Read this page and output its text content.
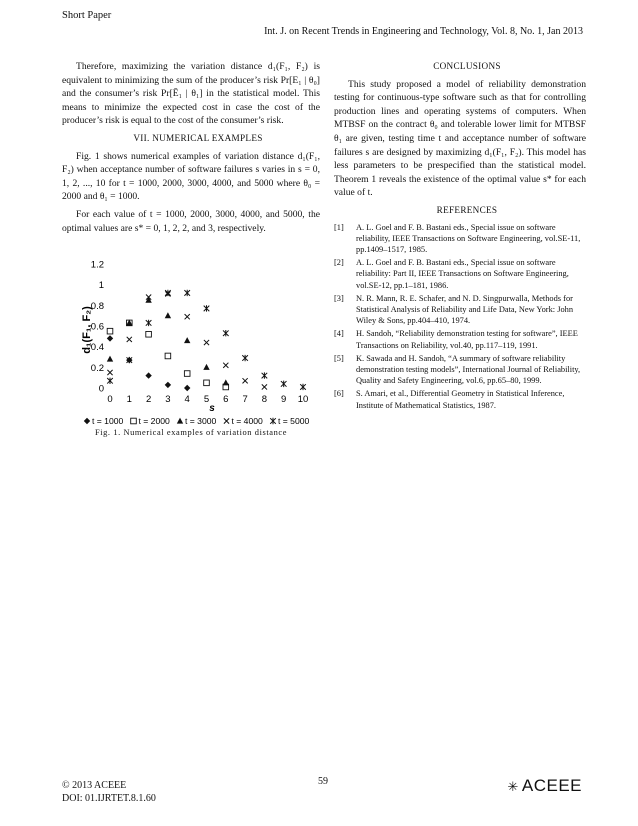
Short Paper
Int. J. on Recent Trends in Engineering and Technology, Vol. 8, No. 1, Jan 2013

Therefore, maximizing the variation distance d₁(F₁, F₂) is equivalent to minimizing the sum of the producer’s risk Pr[E₁ | θ₀] and the consumer’s risk Pr[Ē₁ | θ₁] in the statistical model. This means to minimize the expected cost in case the cost of the producer’s risk is equal to the cost of the consumer’s risk.

VII. NUMERICAL EXAMPLES

Fig. 1 shows numerical examples of variation distance d₁(F₁, F₂) when acceptance number of software failures s varies in s = 0, 1, 2, ..., 10 for t = 1000, 2000, 3000, 4000, and 5000 where θ₀ = 2000 and θ₁ = 1000.

For each value of t = 1000, 2000, 3000, 4000, and 5000, the optimal values are s* = 0, 1, 2, 2, and 3, respectively.

d₁(F₁, F₂)
s
0
0.2
0.4
0.6
0.8
1
1.2
0 1 2 3 4 5 6 7 8 9 10
t = 1000 t = 2000 t = 3000 t = 4000 t = 5000
Fig. 1. Numerical examples of variation distance

CONCLUSIONS

This study proposed a model of reliability demonstration testing for continuous-type software such as that for controlling production lines and operating systems of computers. When MTBSF on the contract θ₀ and tolerable lower limit for MTBSF θ₁ are given, testing time t and acceptance number of software failures s are designed by maximizing d₁(F₁, F₂). This model has less parameters to be prespecified than the statistical model. Theorem 1 reveals the existence of the optimal value s* for each value of t.

REFERENCES

[1]	A. L. Goel and F. B. Bastani eds., Special issue on software reliability, IEEE Transactions on Software Engineering, vol.SE-11, pp.1409–1517, 1985.
[2]	A. L. Goel and F. B. Bastani eds., Special issue on software reliability: Part II, IEEE Transactions on Software Engineering, vol.SE-12, pp.1–181, 1986.
[3]	N. R. Mann, R. E. Schafer, and N. D. Singpurwalla, Methods for Statistical Analysis of Reliability and Life Data, New York: John Wiley & Sons, pp.404–410, 1974.
[4]	H. Sandoh, “Reliability demonstration testing for software”, IEEE Transactions on Reliability, vol.40, pp.117–119, 1991.
[5]	K. Sawada and H. Sandoh, “A summary of software reliability demonstration testing models”, International Journal of Reliability, Quality and Safety Engineering, vol.6, pp.65–80, 1999.
[6]	S. Amari, et al., Differential Geometry in Statistical Inference, Institute of Mathematical Statistics, 1987.
© 2013 ACEEE
DOI: 01.IJRTET.8.1.60
59	✳ ACEEE
